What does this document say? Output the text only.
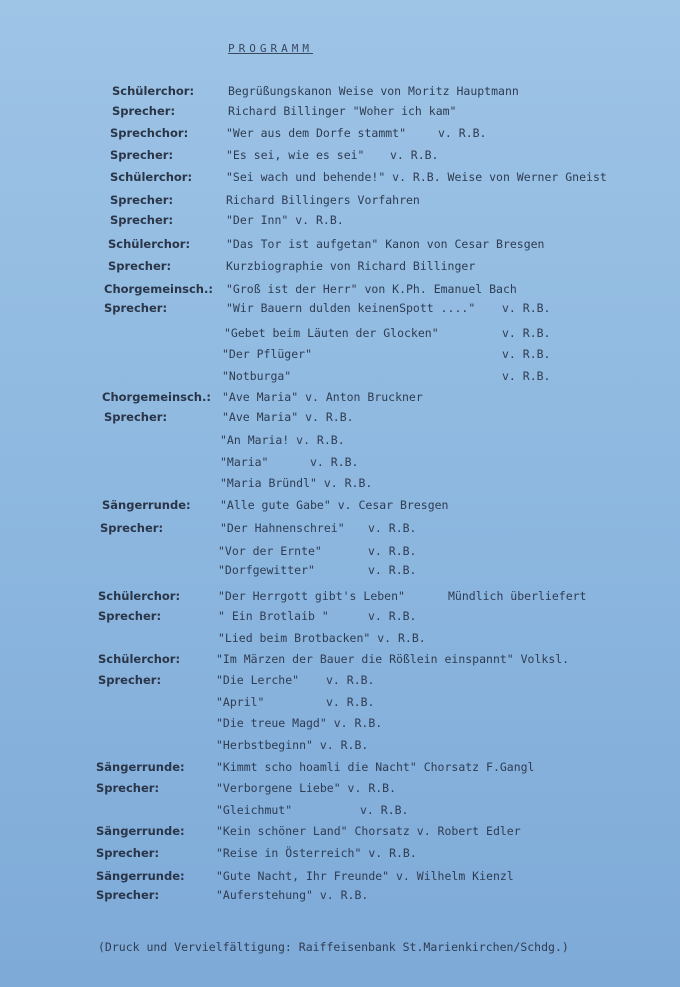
PROGRAMM
Schülerchor:	Begrüßungskanon Weise von Moritz Hauptmann
Sprecher:	Richard Billinger "Woher ich kam"
Sprechchor:	"Wer aus dem Dorfe stammt"	v. R.B.
Sprecher:	"Es sei, wie es sei" v. R.B.
Schülerchor:	"Sei wach und behende!" v. R.B. Weise von Werner Gneist
Sprecher:	Richard Billingers Vorfahren
Sprecher:	"Der Inn" v. R.B.
Schülerchor:	"Das Tor ist aufgetan" Kanon von Cesar Bresgen
Sprecher:	Kurzbiographie von Richard Billinger
Chorgemeinsch.: "Groß ist der Herr" von K.Ph. Emanuel Bach
Sprecher:	"Wir Bauern dulden keinenSpott ...." v. R.B.
"Gebet beim Läuten der Glocken"	v. R.B.
"Der Pflüger"	v. R.B.
"Notburga"	v. R.B.
Chorgemeinsch.: "Ave Maria" v. Anton Bruckner
Sprecher:	"Ave Maria" v. R.B.
"An Maria! v. R.B.
"Maria"	v. R.B.
"Maria Bründl" v. R.B.
Sängerrunde:	"Alle gute Gabe" v. Cesar Bresgen
Sprecher:	"Der Hahnenschrei" v. R.B.
"Vor der Ernte"	v. R.B.
"Dorfgewitter"	v. R.B.
Schülerchor:	"Der Herrgott gibt's Leben"	Mündlich überliefert
Sprecher:	" Ein Brotlaib "	v. R.B.
"Lied beim Brotbacken" v. R.B.
Schülerchor:	"Im Märzen der Bauer die Rößlein einspannt" Volksl.
Sprecher:	"Die Lerche" v. R.B.
"April"	v. R.B.
"Die treue Magd" v. R.B.
"Herbstbeginn" v. R.B.
Sängerrunde:	"Kimmt scho hoamli die Nacht" Chorsatz F.Gangl
Sprecher:	"Verborgene Liebe" v. R.B.
"Gleichmut"	v. R.B.
Sängerrunde:	"Kein schöner Land" Chorsatz v. Robert Edler
Sprecher:	"Reise in Österreich" v. R.B.
Sängerrunde:	"Gute Nacht, Ihr Freunde" v. Wilhelm Kienzl
Sprecher:	"Auferstehung" v. R.B.
(Druck und Vervielfältigung: Raiffeisenbank St.Marienkirchen/Schdg.)
